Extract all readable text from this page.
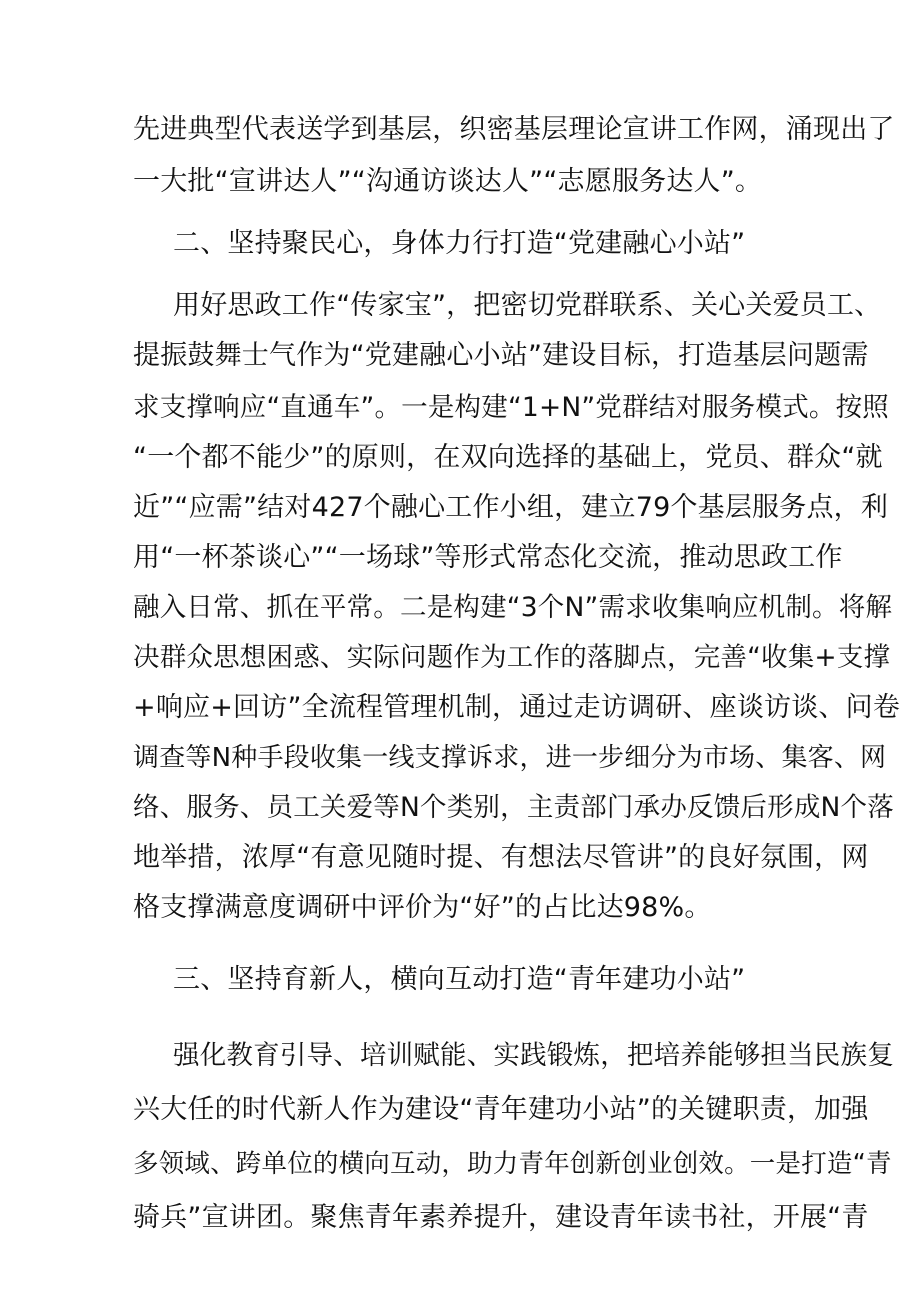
先进典型代表送学到基层，织密基层理论宣讲工作网，涌现出了
一大批“宣讲达人”“沟通访谈达人”“志愿服务达人”。
二、坚持聚民心，身体力行打造“党建融心小站”
用好思政工作“传家宝”，把密切党群联系、关心关爱员工、
提振鼓舞士气作为“党建融心小站”建设目标，打造基层问题需
求支撑响应“直通车”。一是构建“1+N”党群结对服务模式。按照
“一个都不能少”的原则，在双向选择的基础上，党员、群众“就
近”“应需”结对427个融心工作小组，建立79个基层服务点，利
用“一杯茶谈心”“一场球”等形式常态化交流，推动思政工作
融入日常、抓在平常。二是构建“3个N”需求收集响应机制。将解
决群众思想困惑、实际问题作为工作的落脚点，完善“收集+支撑
+响应+回访”全流程管理机制，通过走访调研、座谈访谈、问卷
调查等N种手段收集一线支撑诉求，进一步细分为市场、集客、网
络、服务、员工关爱等N个类别，主责部门承办反馈后形成N个落
地举措，浓厚“有意见随时提、有想法尽管讲”的良好氛围，网
格支撑满意度调研中评价为“好”的占比达98%。
三、坚持育新人，横向互动打造“青年建功小站”
强化教育引导、培训赋能、实践锻炼，把培养能够担当民族复
兴大任的时代新人作为建设“青年建功小站”的关键职责，加强
多领域、跨单位的横向互动，助力青年创新创业创效。一是打造“青
骑兵”宣讲团。聚焦青年素养提升，建设青年读书社，开展“青
